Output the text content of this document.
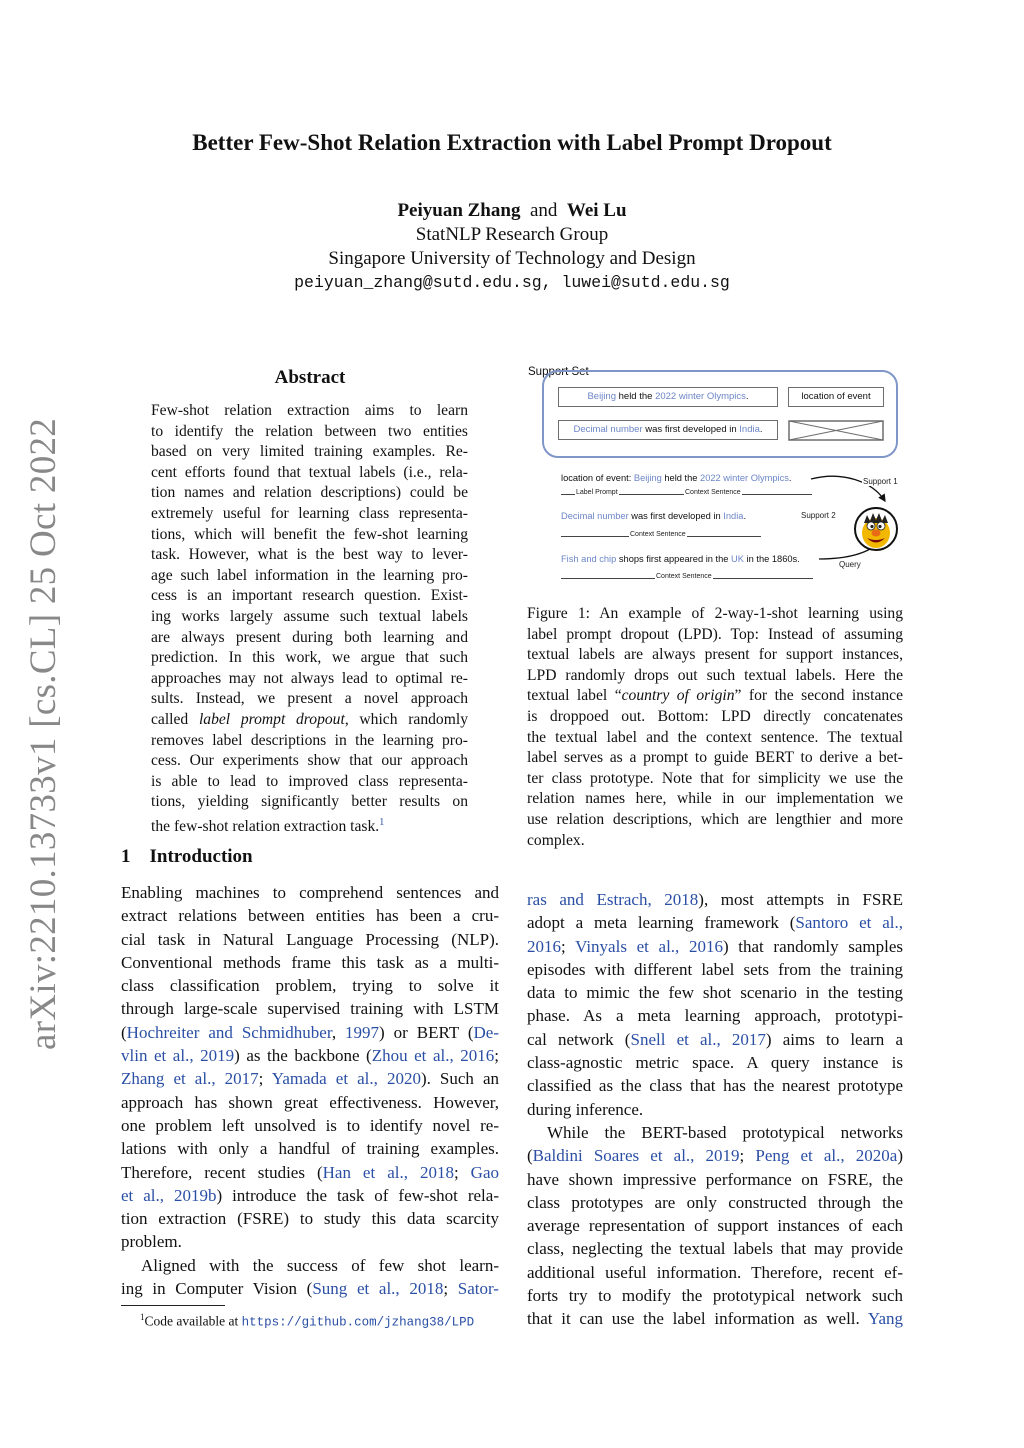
Better Few-Shot Relation Extraction with Label Prompt Dropout
Peiyuan Zhang and Wei Lu
StatNLP Research Group
Singapore University of Technology and Design
peiyuan_zhang@sutd.edu.sg, luwei@sutd.edu.sg
arXiv:2210.13733v1 [cs.CL] 25 Oct 2022
Abstract
Few-shot relation extraction aims to learn
to identify the relation between two entities
based on very limited training examples. Re-
cent efforts found that textual labels (i.e., rela-
tion names and relation descriptions) could be
extremely useful for learning class representa-
tions, which will benefit the few-shot learning
task. However, what is the best way to lever-
age such label information in the learning pro-
cess is an important research question. Exist-
ing works largely assume such textual labels
are always present during both learning and
prediction. In this work, we argue that such
approaches may not always lead to optimal re-
sults. Instead, we present a novel approach
called label prompt dropout, which randomly
removes label descriptions in the learning pro-
cess. Our experiments show that our approach
is able to lead to improved class representa-
tions, yielding significantly better results on
the few-shot relation extraction task.$^1$
1    Introduction
Enabling machines to comprehend sentences and
extract relations between entities has been a cru-
cial task in Natural Language Processing (NLP).
Conventional methods frame this task as a multi-
class classification problem, trying to solve it
through large-scale supervised training with LSTM
(Hochreiter and Schmidhuber, 1997) or BERT (De-
vlin et al., 2019) as the backbone (Zhou et al., 2016;
Zhang et al., 2017; Yamada et al., 2020). Such an
approach has shown great effectiveness. However,
one problem left unsolved is to identify novel re-
lations with only a handful of training examples.
Therefore, recent studies (Han et al., 2018; Gao
et al., 2019b) introduce the task of few-shot rela-
tion extraction (FSRE) to study this data scarcity
problem.
Aligned with the success of few shot learn-
ing in Computer Vision (Sung et al., 2018; Sator-
$^1$Code available at https://github.com/jzhang38/LPD
Support Set
Beijing held the 2022 winter Olympics.	location of event
Decimal number was first developed in India.
location of event: Beijing held the 2022 winter Olympics.
Label Prompt	Context Sentence
Decimal number was first developed in India.
Context Sentence
Fish and chip shops first appeared in the UK in the 1860s.
Context Sentence
Support 1
Support 2
Query
Figure 1: An example of 2-way-1-shot learning using
label prompt dropout (LPD). Top: Instead of assuming
textual labels are always present for support instances,
LPD randomly drops out such textual labels. Here the
textual label “country of origin” for the second instance
is droppoed out. Bottom: LPD directly concatenates
the textual label and the context sentence. The textual
label serves as a prompt to guide BERT to derive a bet-
ter class prototype. Note that for simplicity we use the
relation names here, while in our implementation we
use relation descriptions, which are lengthier and more
complex.
ras and Estrach, 2018), most attempts in FSRE
adopt a meta learning framework (Santoro et al.,
2016; Vinyals et al., 2016) that randomly samples
episodes with different label sets from the training
data to mimic the few shot scenario in the testing
phase. As a meta learning approach, prototypi-
cal network (Snell et al., 2017) aims to learn a
class-agnostic metric space. A query instance is
classified as the class that has the nearest prototype
during inference.
While the BERT-based prototypical networks
(Baldini Soares et al., 2019; Peng et al., 2020a)
have shown impressive performance on FSRE, the
class prototypes are only constructed through the
average representation of support instances of each
class, neglecting the textual labels that may provide
additional useful information. Therefore, recent ef-
forts try to modify the prototypical network such
that it can use the label information as well. Yang
